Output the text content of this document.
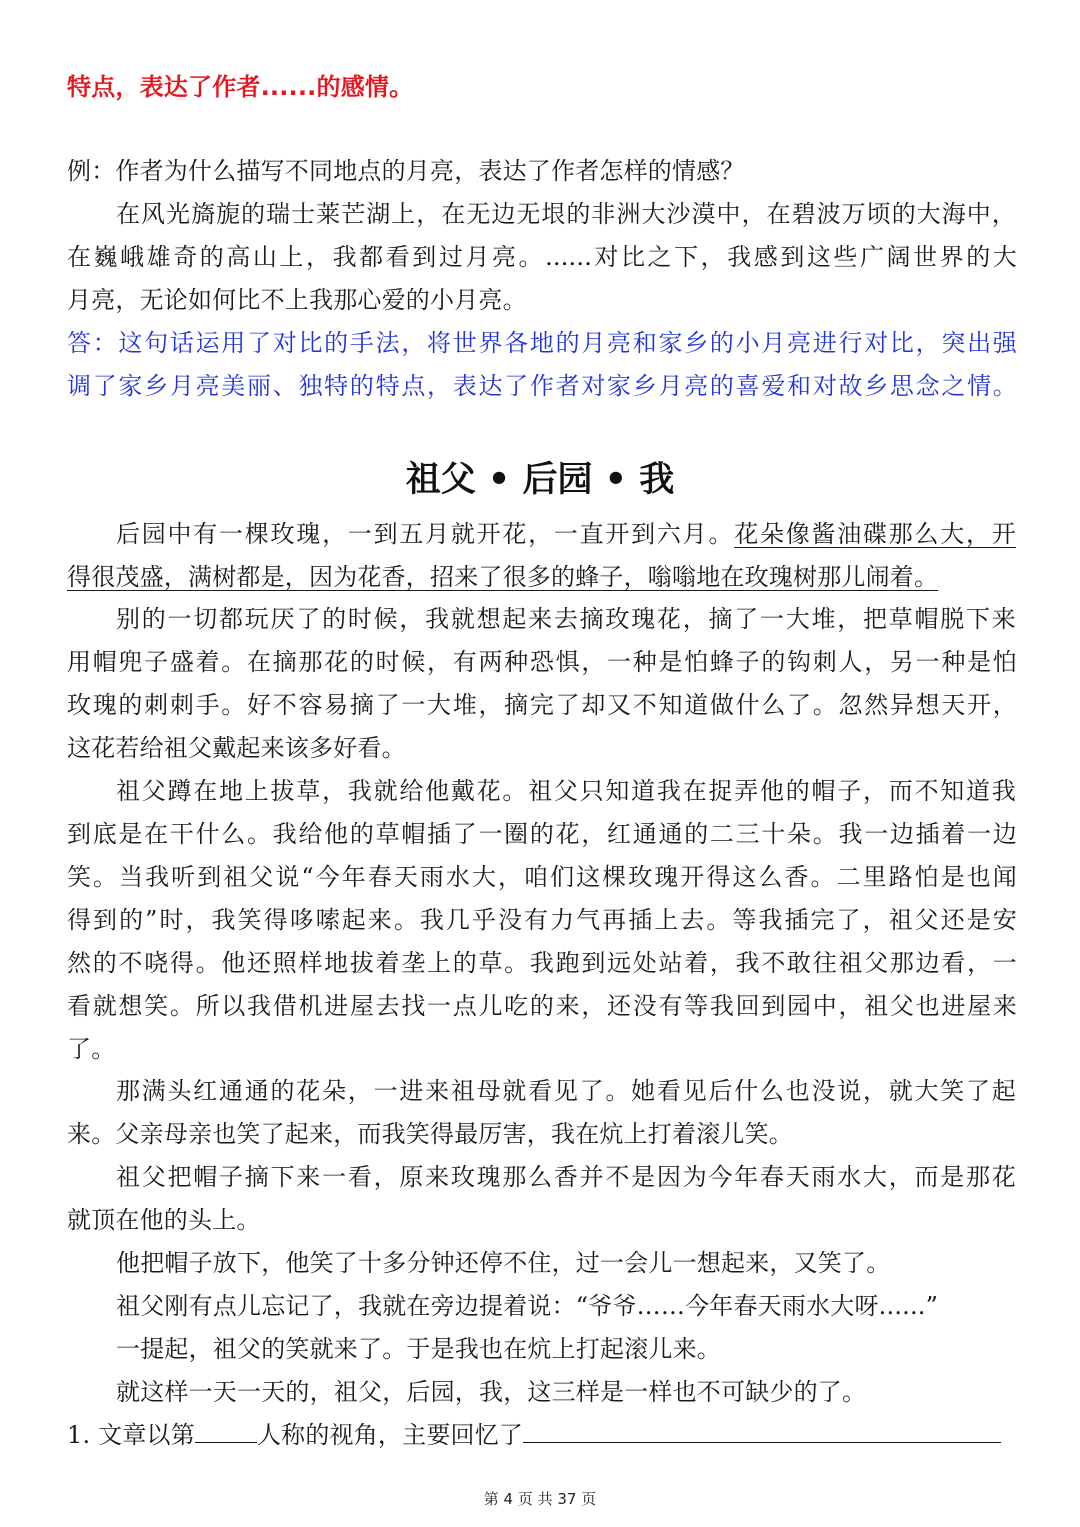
特点，表达了作者......的感情。
例：作者为什么描写不同地点的月亮，表达了作者怎样的情感？
在风光旖旎的瑞士莱芒湖上，在无边无垠的非洲大沙漠中，在碧波万顷的大海中，
在巍峨雄奇的高山上，我都看到过月亮。......对比之下，我感到这些广阔世界的大
月亮，无论如何比不上我那心爱的小月亮。
答：这句话运用了对比的手法，将世界各地的月亮和家乡的小月亮进行对比，突出强
调了家乡月亮美丽、独特的特点，表达了作者对家乡月亮的喜爱和对故乡思念之情。
祖父 • 后园 • 我
后园中有一棵玫瑰，一到五月就开花，一直开到六月。花朵像酱油碟那么大，开
得很茂盛，满树都是，因为花香，招来了很多的蜂子，嗡嗡地在玫瑰树那儿闹着。
别的一切都玩厌了的时候，我就想起来去摘玫瑰花，摘了一大堆，把草帽脱下来
用帽兜子盛着。在摘那花的时候，有两种恐惧，一种是怕蜂子的钩刺人，另一种是怕
玫瑰的刺刺手。好不容易摘了一大堆，摘完了却又不知道做什么了。忽然异想天开，
这花若给祖父戴起来该多好看。
祖父蹲在地上拔草，我就给他戴花。祖父只知道我在捉弄他的帽子，而不知道我
到底是在干什么。我给他的草帽插了一圈的花，红通通的二三十朵。我一边插着一边
笑。当我听到祖父说“今年春天雨水大，咱们这棵玫瑰开得这么香。二里路怕是也闻
得到的”时，我笑得哆嗦起来。我几乎没有力气再插上去。等我插完了，祖父还是安
然的不哓得。他还照样地拔着垄上的草。我跑到远处站着，我不敢往祖父那边看，一
看就想笑。所以我借机进屋去找一点儿吃的来，还没有等我回到园中，祖父也进屋来
了。
那满头红通通的花朵，一进来祖母就看见了。她看见后什么也没说，就大笑了起
来。父亲母亲也笑了起来，而我笑得最厉害，我在炕上打着滚儿笑。
祖父把帽子摘下来一看，原来玫瑰那么香并不是因为今年春天雨水大，而是那花
就顶在他的头上。
他把帽子放下，他笑了十多分钟还停不住，过一会儿一想起来，又笑了。
祖父刚有点儿忘记了，我就在旁边提着说：“爷爷……今年春天雨水大呀......”
一提起，祖父的笑就来了。于是我也在炕上打起滚儿来。
就这样一天一天的，祖父，后园，我，这三样是一样也不可缺少的了。
1. 文章以第	人称的视角，主要回忆了
第 4 页 共 37 页
